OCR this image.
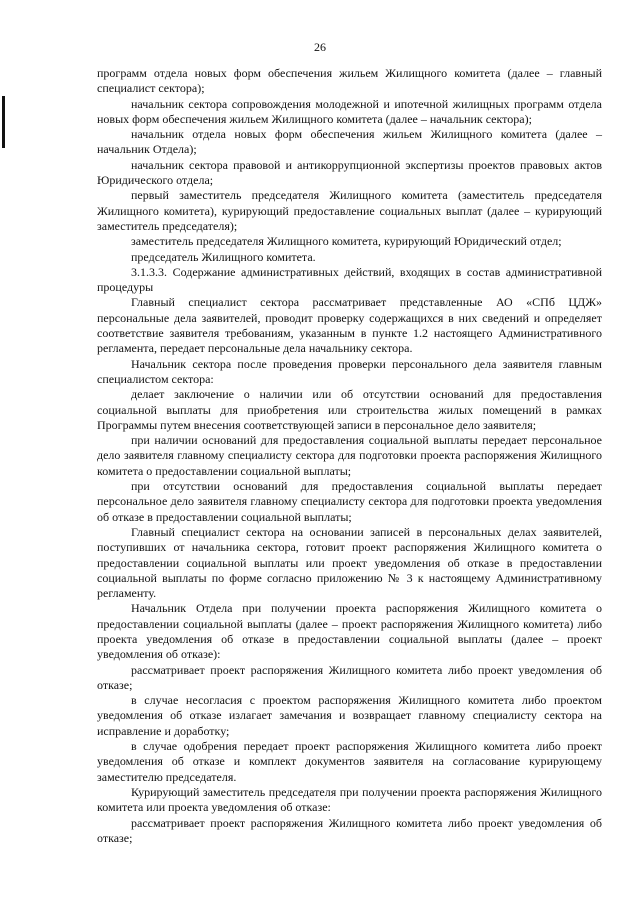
26

программ отдела новых форм обеспечения жильем Жилищного комитета (далее – главный специалист сектора);

начальник сектора сопровождения молодежной и ипотечной жилищных программ отдела новых форм обеспечения жильем Жилищного комитета (далее – начальник сектора);

начальник отдела новых форм обеспечения жильем Жилищного комитета (далее – начальник Отдела);

начальник сектора правовой и антикоррупционной экспертизы проектов правовых актов Юридического отдела;

первый заместитель председателя Жилищного комитета (заместитель председателя Жилищного комитета), курирующий предоставление социальных выплат (далее – курирующий заместитель председателя);

заместитель председателя Жилищного комитета, курирующий Юридический отдел;

председатель Жилищного комитета.

3.1.3.3. Содержание административных действий, входящих в состав административной процедуры

Главный специалист сектора рассматривает представленные АО «СПб ЦДЖ» персональные дела заявителей, проводит проверку содержащихся в них сведений и определяет соответствие заявителя требованиям, указанным в пункте 1.2 настоящего Административного регламента, передает персональные дела начальнику сектора.

Начальник сектора после проведения проверки персонального дела заявителя главным специалистом сектора:

делает заключение о наличии или об отсутствии оснований для предоставления социальной выплаты для приобретения или строительства жилых помещений в рамках Программы путем внесения соответствующей записи в персональное дело заявителя;

при наличии оснований для предоставления социальной выплаты передает персональное дело заявителя главному специалисту сектора для подготовки проекта распоряжения Жилищного комитета о предоставлении социальной выплаты;

при отсутствии оснований для предоставления социальной выплаты передает персональное дело заявителя главному специалисту сектора для подготовки проекта уведомления об отказе в предоставлении социальной выплаты;

Главный специалист сектора на основании записей в персональных делах заявителей, поступивших от начальника сектора, готовит проект распоряжения Жилищного комитета о предоставлении социальной выплаты или проект уведомления об отказе в предоставлении социальной выплаты по форме согласно приложению № 3 к настоящему Административному регламенту.

Начальник Отдела при получении проекта распоряжения Жилищного комитета о предоставлении социальной выплаты (далее – проект распоряжения Жилищного комитета) либо проекта уведомления об отказе в предоставлении социальной выплаты (далее – проект уведомления об отказе):

рассматривает проект распоряжения Жилищного комитета либо проект уведомления об отказе;

в случае несогласия с проектом распоряжения Жилищного комитета либо проектом уведомления об отказе излагает замечания и возвращает главному специалисту сектора на исправление и доработку;

в случае одобрения передает проект распоряжения Жилищного комитета либо проект уведомления об отказе и комплект документов заявителя на согласование курирующему заместителю председателя.

Курирующий заместитель председателя при получении проекта распоряжения Жилищного комитета или проекта уведомления об отказе:

рассматривает проект распоряжения Жилищного комитета либо проект уведомления об отказе;
